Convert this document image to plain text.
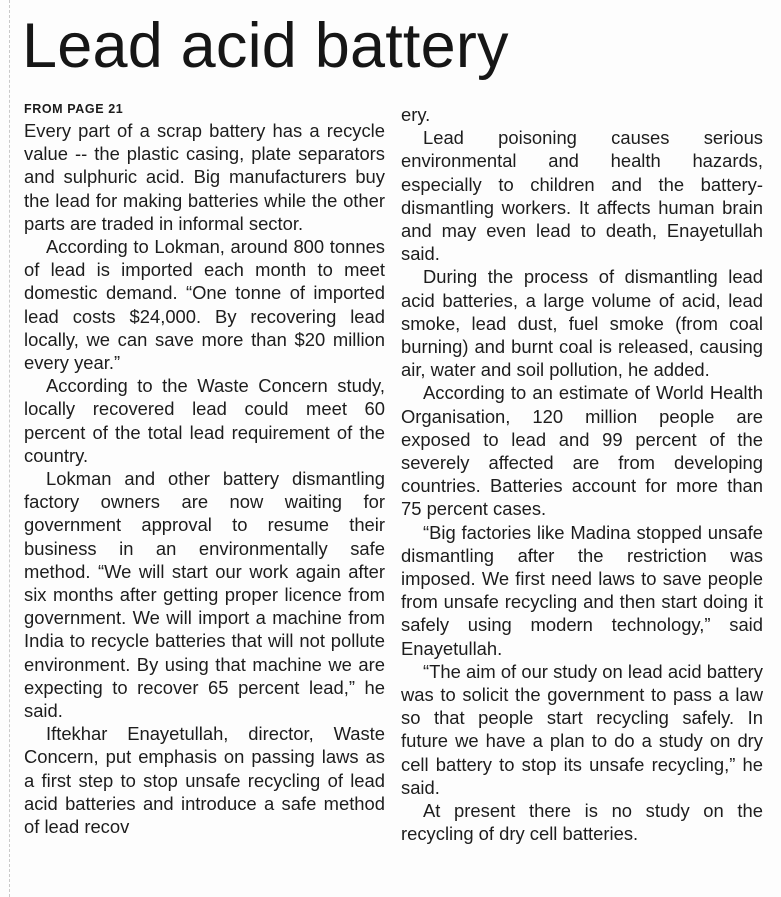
Lead acid battery
FROM PAGE 21

Every part of a scrap battery has a recycle value -- the plastic casing, plate separators and sulphuric acid. Big manufacturers buy the lead for making batteries while the other parts are traded in informal sector.

According to Lokman, around 800 tonnes of lead is imported each month to meet domestic demand. “One tonne of imported lead costs $24,000. By recovering lead locally, we can save more than $20 million every year.”

According to the Waste Concern study, locally recovered lead could meet 60 percent of the total lead requirement of the country.

Lokman and other battery dismantling factory owners are now waiting for government approval to resume their business in an environmentally safe method. “We will start our work again after six months after getting proper licence from government. We will import a machine from India to recycle batteries that will not pollute environment. By using that machine we are expecting to recover 65 percent lead,” he said.

Iftekhar Enayetullah, director, Waste Concern, put emphasis on passing laws as a first step to stop unsafe recycling of lead acid batteries and introduce a safe method of lead recov

ery.

Lead poisoning causes serious environmental and health hazards, especially to children and the battery-dismantling workers. It affects human brain and may even lead to death, Enayetullah said.

During the process of dismantling lead acid batteries, a large volume of acid, lead smoke, lead dust, fuel smoke (from coal burning) and burnt coal is released, causing air, water and soil pollution, he added.

According to an estimate of World Health Organisation, 120 million people are exposed to lead and 99 percent of the severely affected are from developing countries. Batteries account for more than 75 percent cases.

“Big factories like Madina stopped unsafe dismantling after the restriction was imposed. We first need laws to save people from unsafe recycling and then start doing it safely using modern technology,” said Enayetullah.

“The aim of our study on lead acid battery was to solicit the government to pass a law so that people start recycling safely. In future we have a plan to do a study on dry cell battery to stop its unsafe recycling,” he said.

At present there is no study on the recycling of dry cell batteries.
